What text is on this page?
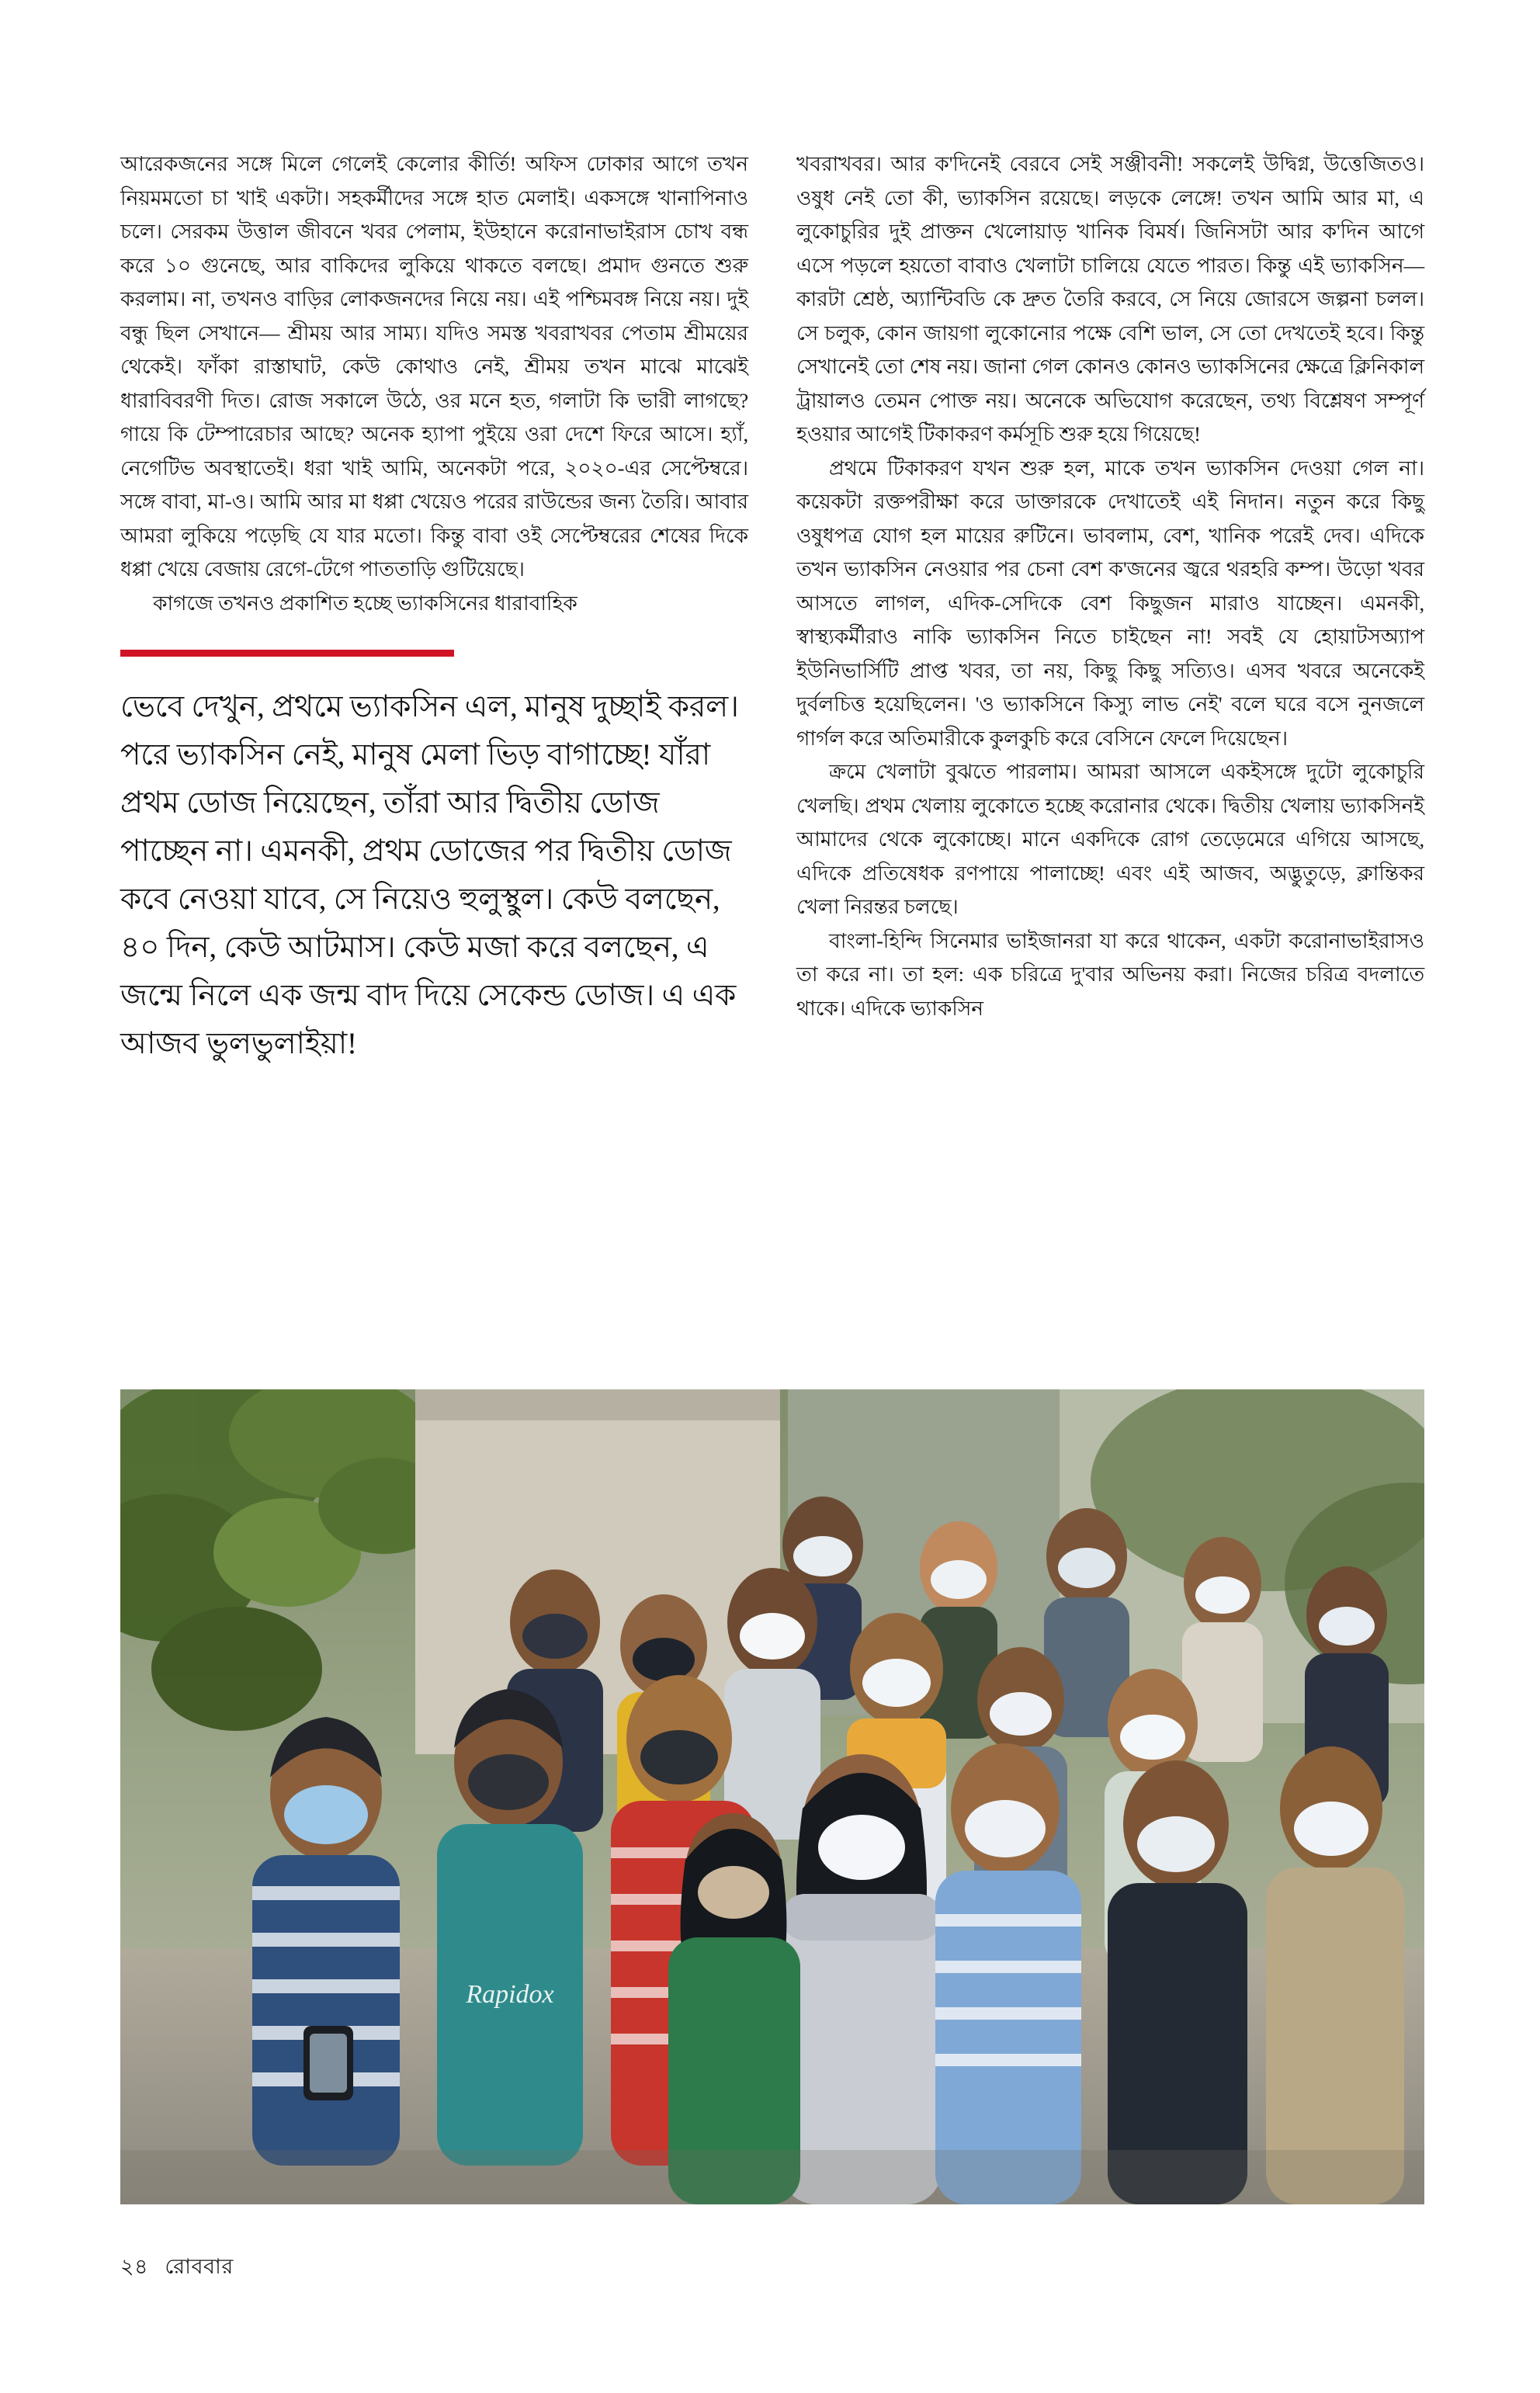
আরেকজনের সঙ্গে মিলে গেলেই কেলোর কীর্তি! অফিস ঢোকার আগে তখন নিয়মমতো চা খাই একটা। সহকর্মীদের সঙ্গে হাত মেলাই। একসঙ্গে খানাপিনাও চলে। সেরকম উত্তাল জীবনে খবর পেলাম, ইউহানে করোনাভাইরাস চোখ বন্ধ করে ১০ গুনেছে, আর বাকিদের লুকিয়ে থাকতে বলছে। প্রমাদ গুনতে শুরু করলাম। না, তখনও বাড়ির লোকজনদের নিয়ে নয়। এই পশ্চিমবঙ্গ নিয়ে নয়। দুই বন্ধু ছিল সেখানে— শ্রীময় আর সাম্য। যদিও সমস্ত খবরাখবর পেতাম শ্রীময়ের থেকেই। ফাঁকা রাস্তাঘাট, কেউ কোথাও নেই, শ্রীময় তখন মাঝে মাঝেই ধারাবিবরণী দিত। রোজ সকালে উঠে, ওর মনে হত, গলাটা কি ভারী লাগছে? গায়ে কি টেম্পারেচার আছে? অনেক হ্যাপা পুইয়ে ওরা দেশে ফিরে আসে। হ্যাঁ, নেগেটিভ অবস্থাতেই। ধরা খাই আমি, অনেকটা পরে, ২০২০-এর সেপ্টেম্বরে। সঙ্গে বাবা, মা-ও। আমি আর মা ধপ্পা খেয়েও পরের রাউন্ডের জন্য তৈরি। আবার আমরা লুকিয়ে পড়েছি যে যার মতো। কিন্তু বাবা ওই সেপ্টেম্বরের শেষের দিকে ধপ্পা খেয়ে বেজায় রেগে-টেগে পাততাড়ি গুটিয়েছে।

কাগজে তখনও প্রকাশিত হচ্ছে ভ্যাকসিনের ধারাবাহিক

ভেবে দেখুন, প্রথমে ভ্যাকসিন এল, মানুষ দুচ্ছাই করল। পরে ভ্যাকসিন নেই, মানুষ মেলা ভিড় বাগাচ্ছে! যাঁরা প্রথম ডোজ নিয়েছেন, তাঁরা আর দ্বিতীয় ডোজ পাচ্ছেন না। এমনকী, প্রথম ডোজের পর দ্বিতীয় ডোজ কবে নেওয়া যাবে, সে নিয়েও হুলুস্থুল। কেউ বলছেন, ৪০ দিন, কেউ আটমাস। কেউ মজা করে বলছেন, এ জন্মে নিলে এক জন্ম বাদ দিয়ে সেকেন্ড ডোজ। এ এক আজব ভুলভুলাইয়া!

খবরাখবর। আর ক'দিনেই বেরবে সেই সঞ্জীবনী! সকলেই উদ্বিগ্ন, উত্তেজিতও। ওষুধ নেই তো কী, ভ্যাকসিন রয়েছে। লড়কে লেঙ্গে! তখন আমি আর মা, এ লুকোচুরির দুই প্রাক্তন খেলোয়াড় খানিক বিমর্ষ। জিনিসটা আর ক'দিন আগে এসে পড়লে হয়তো বাবাও খেলাটা চালিয়ে যেতে পারত। কিন্তু এই ভ্যাকসিন— কারটা শ্রেষ্ঠ, অ্যান্টিবডি কে দ্রুত তৈরি করবে, সে নিয়ে জোরসে জল্পনা চলল। সে চলুক, কোন জায়গা লুকোনোর পক্ষে বেশি ভাল, সে তো দেখতেই হবে। কিন্তু সেখানেই তো শেষ নয়। জানা গেল কোনও কোনও ভ্যাকসিনের ক্ষেত্রে ক্লিনিকাল ট্রায়ালও তেমন পোক্ত নয়। অনেকে অভিযোগ করেছেন, তথ্য বিশ্লেষণ সম্পূর্ণ হওয়ার আগেই টিকাকরণ কর্মসূচি শুরু হয়ে গিয়েছে!

প্রথমে টিকাকরণ যখন শুরু হল, মাকে তখন ভ্যাকসিন দেওয়া গেল না। কয়েকটা রক্তপরীক্ষা করে ডাক্তারকে দেখাতেই এই নিদান। নতুন করে কিছু ওষুধপত্র যোগ হল মায়ের রুটিনে। ভাবলাম, বেশ, খানিক পরেই দেব। এদিকে তখন ভ্যাকসিন নেওয়ার পর চেনা বেশ ক'জনের জ্বরে থরহরি কম্প। উড়ো খবর আসতে লাগল, এদিক-সেদিকে বেশ কিছুজন মারাও যাচ্ছেন। এমনকী, স্বাস্থ্যকর্মীরাও নাকি ভ্যাকসিন নিতে চাইছেন না! সবই যে হোয়াটসঅ্যাপ ইউনিভার্সিটি প্রাপ্ত খবর, তা নয়, কিছু কিছু সত্যিও। এসব খবরে অনেকেই দুর্বলচিত্ত হয়েছিলেন। 'ও ভ্যাকসিনে কিস্যু লাভ নেই' বলে ঘরে বসে নুনজলে গার্গল করে অতিমারীকে কুলকুচি করে বেসিনে ফেলে দিয়েছেন।

ক্রমে খেলাটা বুঝতে পারলাম। আমরা আসলে একইসঙ্গে দুটো লুকোচুরি খেলছি। প্রথম খেলায় লুকোতে হচ্ছে করোনার থেকে। দ্বিতীয় খেলায় ভ্যাকসিনই আমাদের থেকে লুকোচ্ছে। মানে একদিকে রোগ তেড়েমেরে এগিয়ে আসছে, এদিকে প্রতিষেধক রণপায়ে পালাচ্ছে! এবং এই আজব, অদ্ভুতুড়ে, ক্লান্তিকর খেলা নিরন্তর চলছে।

বাংলা-হিন্দি সিনেমার ভাইজানরা যা করে থাকেন, একটা করোনাভাইরাসও তা করে না। তা হল: এক চরিত্রে দু'বার অভিনয় করা। নিজের চরিত্র বদলাতে থাকে। এদিকে ভ্যাকসিন

Rapidox
২৪ রোববার
